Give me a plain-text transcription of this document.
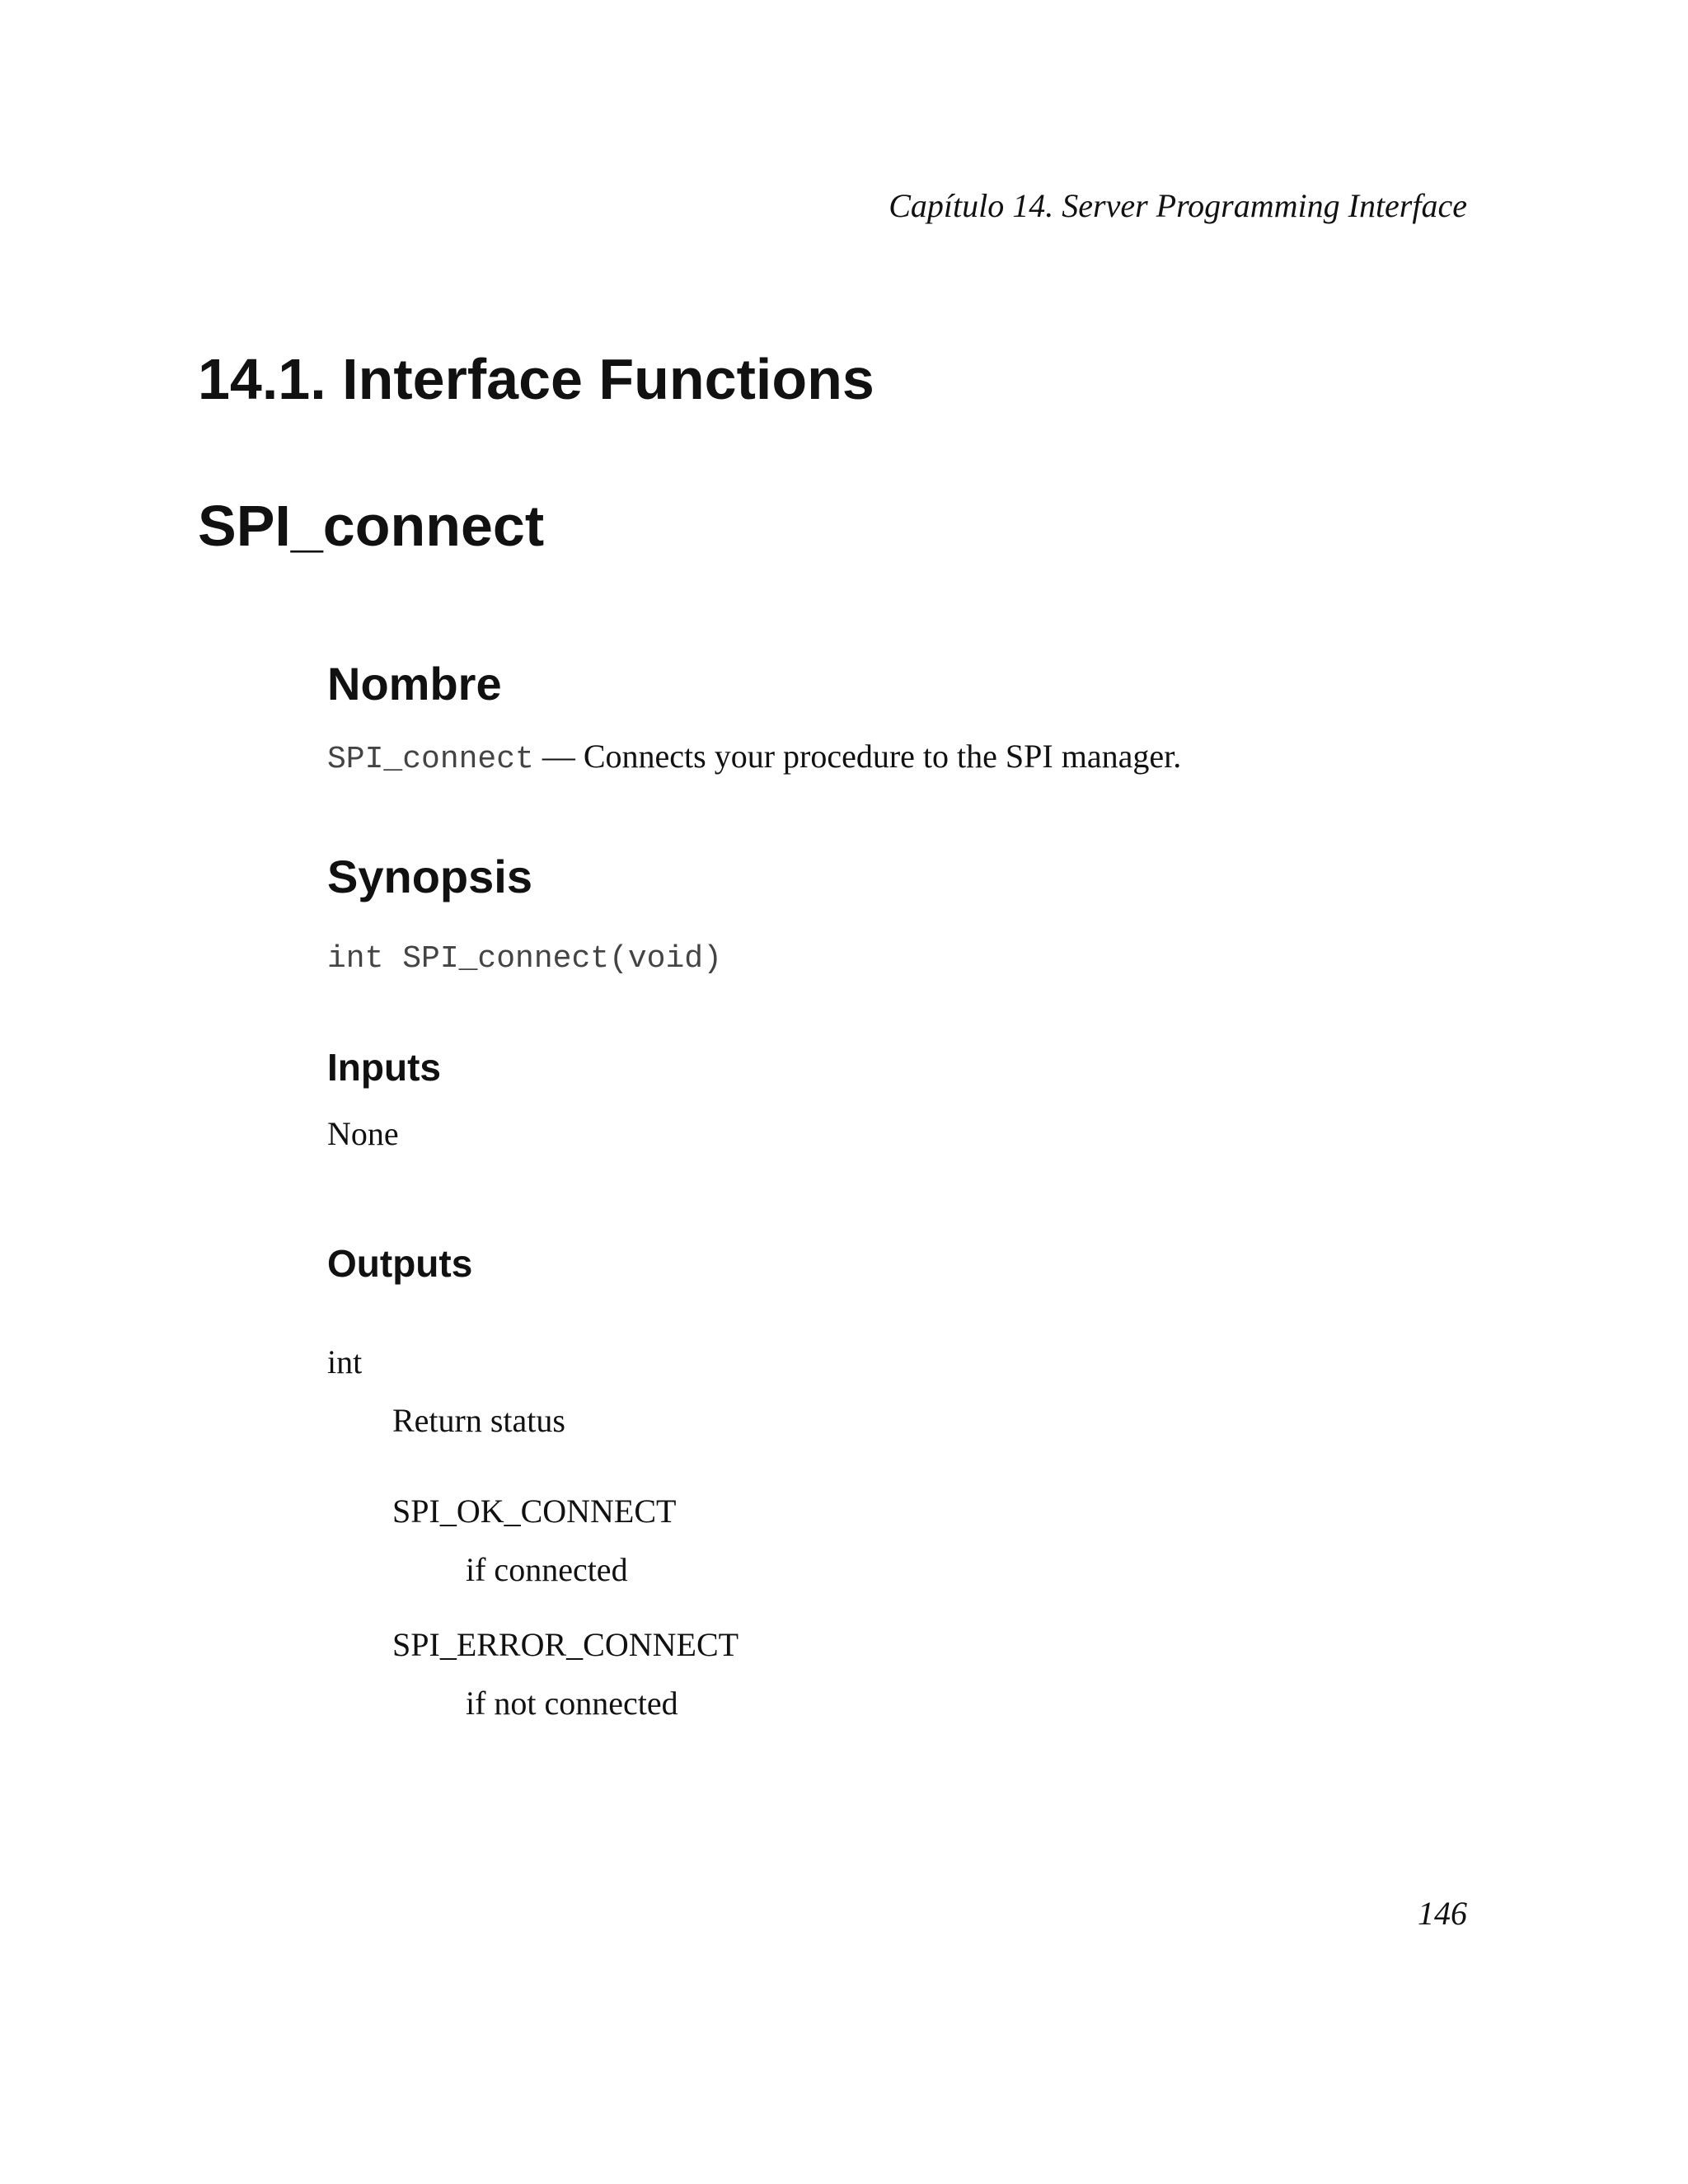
Capítulo 14. Server Programming Interface
14.1. Interface Functions
SPI_connect
Nombre
SPI_connect — Connects your procedure to the SPI manager.
Synopsis
int SPI_connect(void)
Inputs
None
Outputs
int
Return status
SPI_OK_CONNECT
if connected
SPI_ERROR_CONNECT
if not connected
146
